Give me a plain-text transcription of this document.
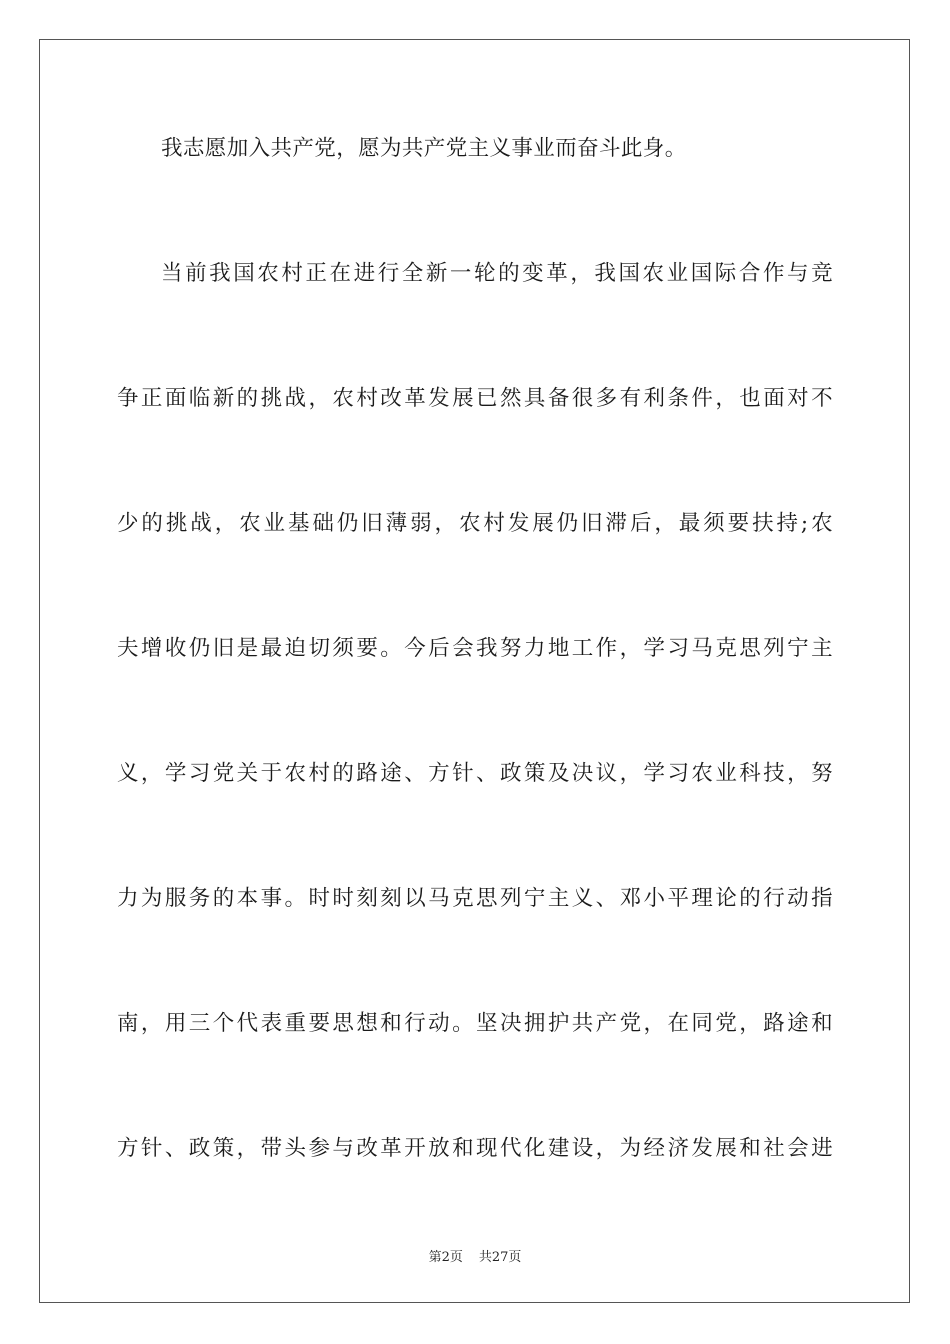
我志愿加入共产党，愿为共产党主义事业而奋斗此身。
当前我国农村正在进行全新一轮的变革，我国农业国际合作与竞
争正面临新的挑战，农村改革发展已然具备很多有利条件，也面对不
少的挑战，农业基础仍旧薄弱，农村发展仍旧滞后，最须要扶持;农
夫增收仍旧是最迫切须要。今后会我努力地工作，学习马克思列宁主
义，学习党关于农村的路途、方针、政策及决议，学习农业科技，努
力为服务的本事。时时刻刻以马克思列宁主义、邓小平理论的行动指
南，用三个代表重要思想和行动。坚决拥护共产党，在同党，路途和
方针、政策，带头参与改革开放和现代化建设，为经济发展和社会进
第2页 共27页
